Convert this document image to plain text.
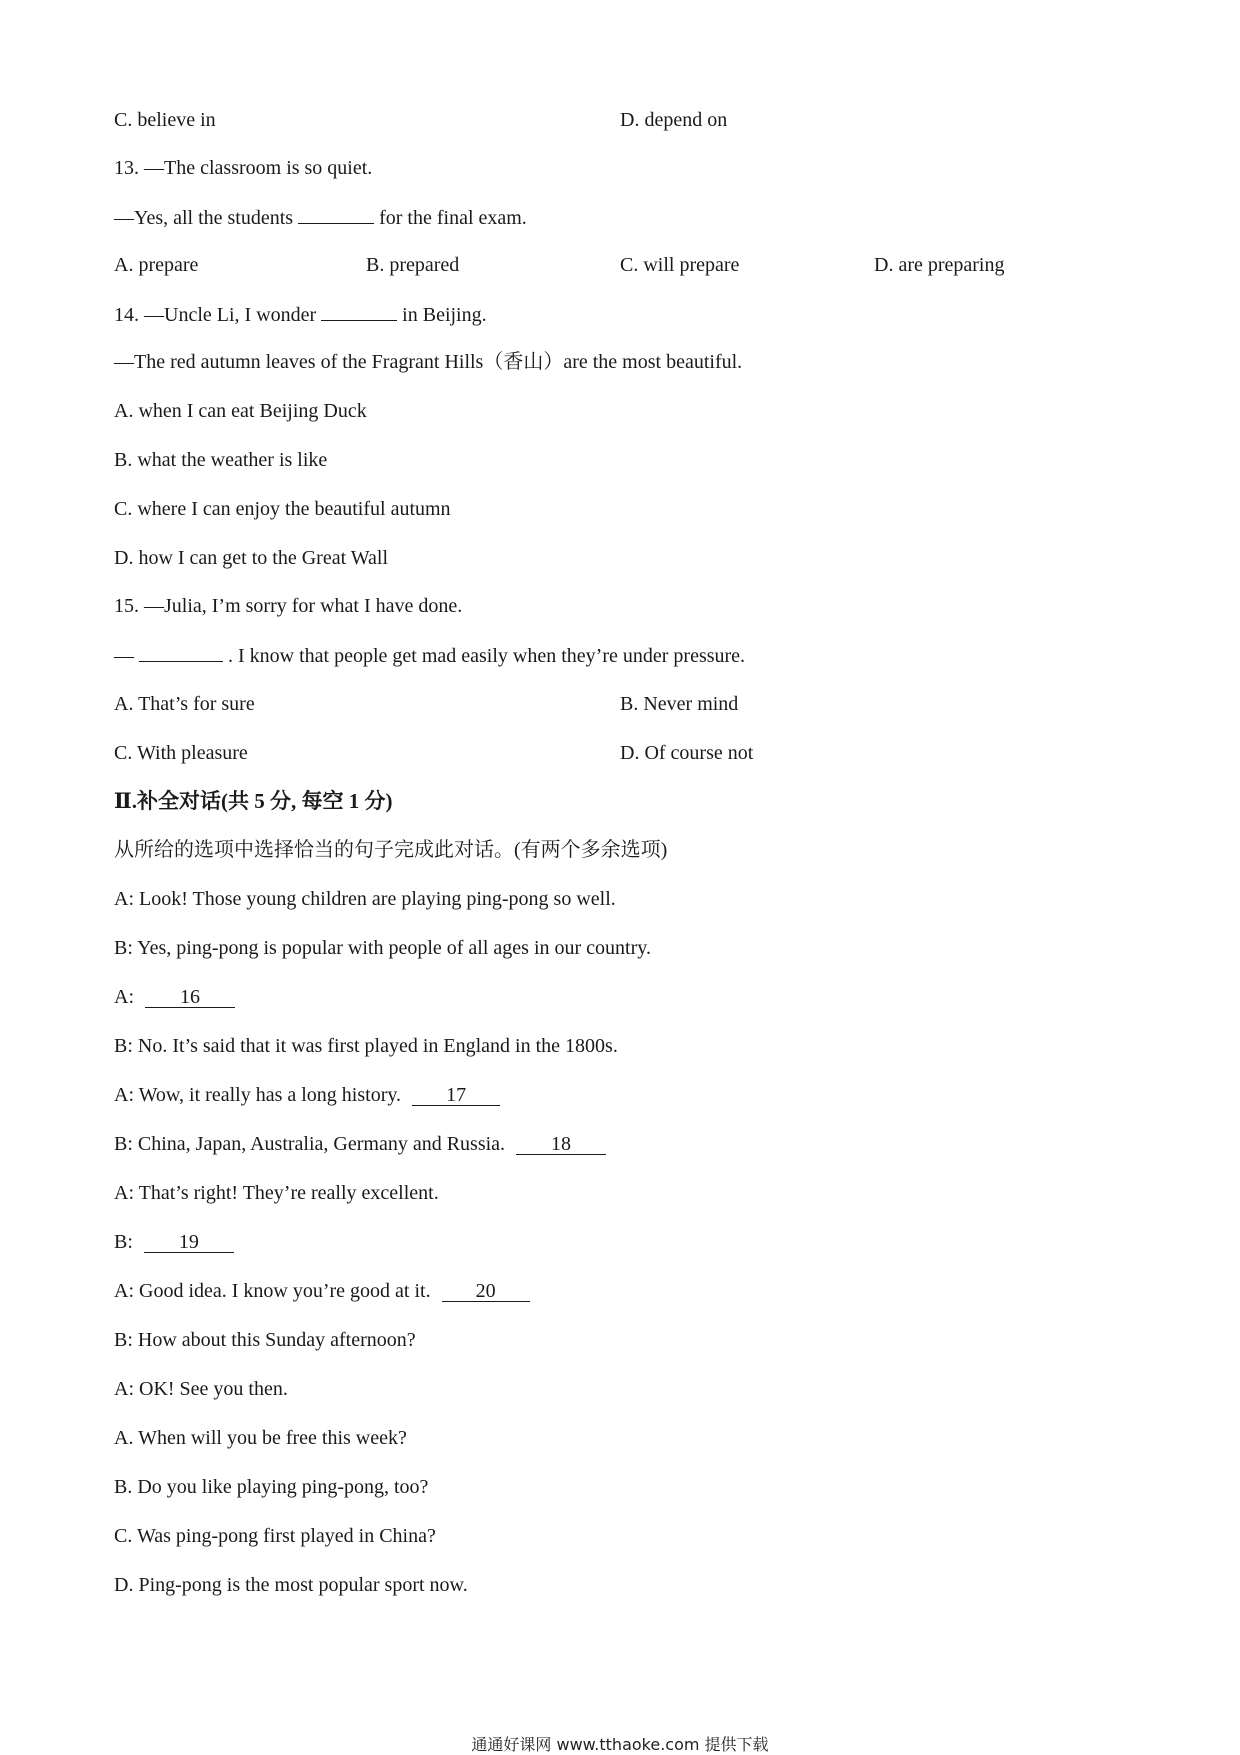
C. believe in	D. depend on
13. —The classroom is so quiet.
—Yes, all the students	for the final exam.
A. prepare	B. prepared	C. will prepare	D. are preparing
14. —Uncle Li, I wonder	in Beijing.
—The red autumn leaves of the Fragrant Hills（香山）are the most beautiful.
A. when I can eat Beijing Duck
B. what the weather is like
C. where I can enjoy the beautiful autumn
D. how I can get to the Great Wall
15. —Julia, I’m sorry for what I have done.
—	. I know that people get mad easily when they’re under pressure.
A. That’s for sure	B. Never mind
C. With pleasure	D. Of course not
Ⅱ.补全对话(共 5 分, 每空 1 分)
从所给的选项中选择恰当的句子完成此对话。(有两个多余选项)
A: Look! Those young children are playing ping-pong so well.
B: Yes, ping-pong is popular with people of all ages in our country.
A: 16
B: No. It’s said that it was first played in England in the 1800s.
A: Wow, it really has a long history. 17
B: China, Japan, Australia, Germany and Russia. 18
A: That’s right! They’re really excellent.
B: 19
A: Good idea. I know you’re good at it. 20
B: How about this Sunday afternoon?
A: OK! See you then.
A. When will you be free this week?
B. Do you like playing ping-pong, too?
C. Was ping-pong first played in China?
D. Ping-pong is the most popular sport now.
通通好课网 www.tthaoke.com 提供下载
